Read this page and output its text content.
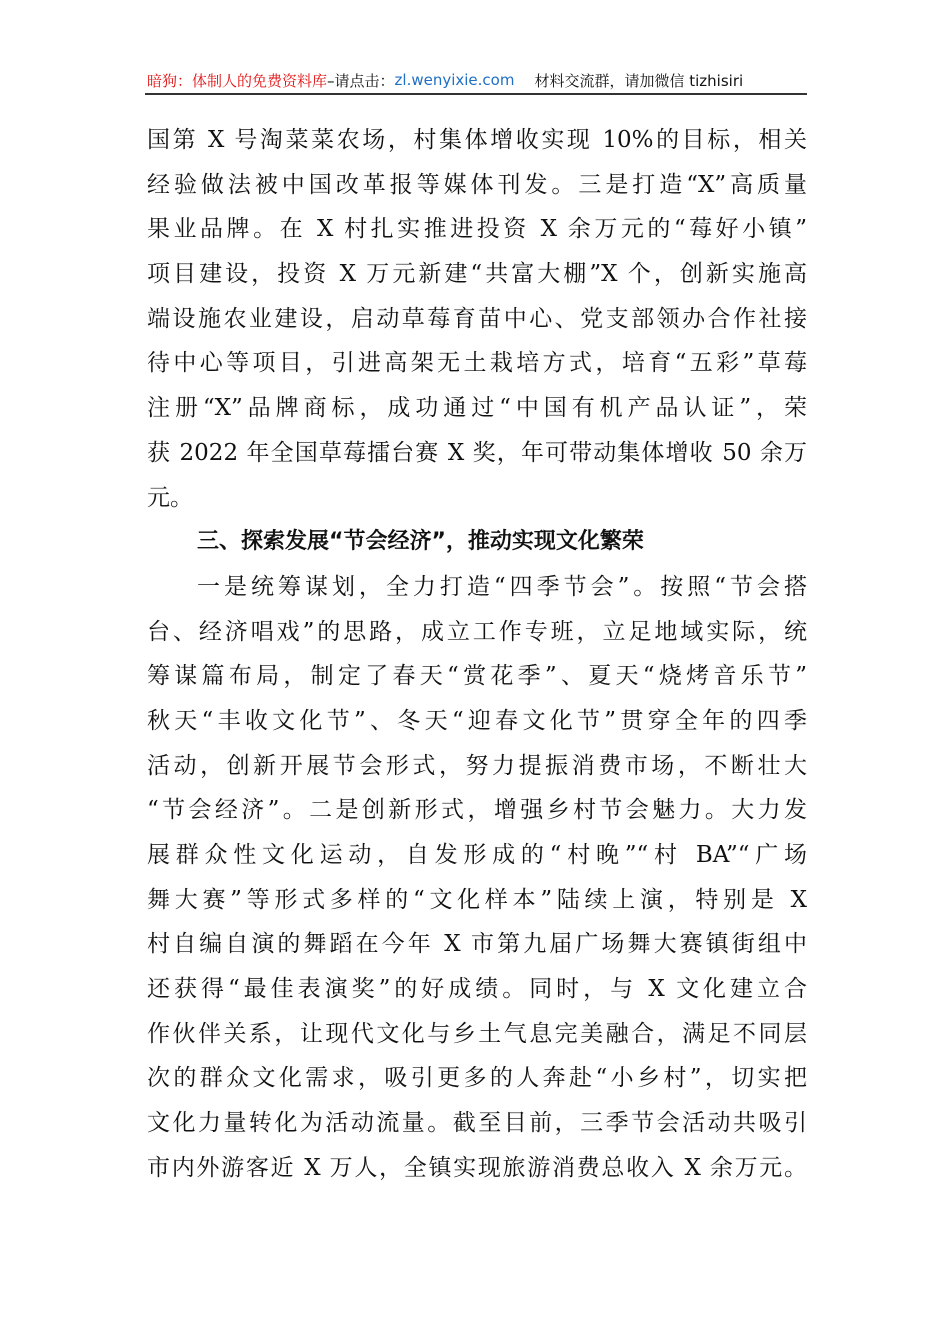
暗狗：体制人的免费资料库 –请点击： zl.wenyixie.com 材料交流群，请加微信 tizhisiri
国第 X 号淘菜菜农场，村集体增收实现 10%的目标，相关
经验做法被中国改革报等媒体刊发。三是打造“X”高质量
果业品牌。在 X 村扎实推进投资 X 余万元的“莓好小镇”
项目建设，投资 X 万元新建“共富大棚”X 个，创新实施高
端设施农业建设，启动草莓育苗中心、党支部领办合作社接
待中心等项目，引进高架无土栽培方式，培育“五彩”草莓
注册“X”品牌商标，成功通过“中国有机产品认证”，荣
获 2022 年全国草莓擂台赛 X 奖，年可带动集体增收 50 余万
元。
三、探索发展“节会经济”，推动实现文化繁荣
一是统筹谋划，全力打造“四季节会”。按照“节会搭
台、经济唱戏”的思路，成立工作专班，立足地域实际，统
筹谋篇布局，制定了春天“赏花季”、夏天“烧烤音乐节”
秋天“丰收文化节”、冬天“迎春文化节”贯穿全年的四季
活动，创新开展节会形式，努力提振消费市场，不断壮大
“节会经济”。二是创新形式，增强乡村节会魅力。大力发
展群众性文化运动，自发形成的“村晚”“村 BA”“广场
舞大赛”等形式多样的“文化样本”陆续上演，特别是 X
村自编自演的舞蹈在今年 X 市第九届广场舞大赛镇街组中
还获得“最佳表演奖”的好成绩。同时，与 X 文化建立合
作伙伴关系，让现代文化与乡土气息完美融合，满足不同层
次的群众文化需求，吸引更多的人奔赴“小乡村”，切实把
文化力量转化为活动流量。截至目前，三季节会活动共吸引
市内外游客近 X 万人，全镇实现旅游消费总收入 X 余万元。
